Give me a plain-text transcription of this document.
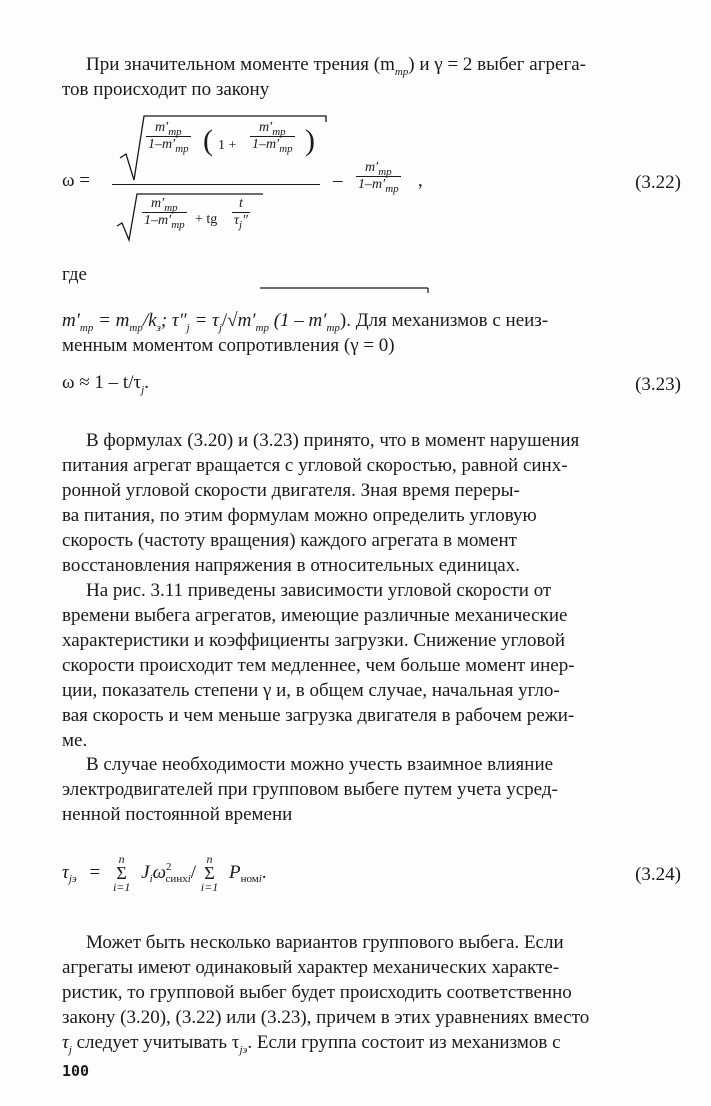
При значительном моменте трения $(m_{тр})$ и γ = 2 выбег агрега-
тов происходит по закону
ω =
$\frac{m'_{тр}}{1-m'_{тр}}$ ( $1 + \frac{m'_{тр}}{1-m'_{тр}}$ )
$\frac{m'_{тр}}{1-m'_{тр}}$ + tg $\frac{t}{\tau_j''}$
– $\frac{m'_{тр}}{1-m'_{тр}}$ ,	(3.22)
где
$m'_{тр} = m_{тр}/k_з$; $\tau''_j = \tau_j/√m'_{тр}$ $(1 - m'_{тр})$. Для механизмов с неиз-
менным моментом сопротивления (γ = 0)
$\omega \approx 1 - t/\tau_j$.	(3.23)
В формулах (3.20) и (3.23) принято, что в момент нарушения
питания агрегат вращается с угловой скоростью, равной синх-
ронной угловой скорости двигателя. Зная время переры-
ва питания, по этим формулам можно определить угловую
скорость (частоту вращения) каждого агрегата в момент
восстановления напряжения в относительных единицах.
На рис. 3.11 приведены зависимости угловой скорости от
времени выбега агрегатов, имеющие различные механические
характеристики и коэффициенты загрузки. Снижение угловой
скорости происходит тем медленнее, чем больше момент инер-
ции, показатель степени γ и, в общем случае, начальная угло-
вая скорость и чем меньше загрузка двигателя в рабочем режи-
ме.
В случае необходимости можно учесть взаимное влияние
электродвигателей при групповом выбеге путем учета усред-
ненной постоянной времени
$\tau_{jэ}$ =
n
Σ
i=1
$J_i\omega^2_{синхi}/$
n
Σ
i=1
$P_{номi}$.	(3.24)
Может быть несколько вариантов группового выбега. Если
агрегаты имеют одинаковый характер механических характе-
ристик, то групповой выбег будет происходить соответственно
закону (3.20), (3.22) или (3.23), причем в этих уравнениях вместо
$\tau_j$ следует учитывать $\tau_{jэ}$. Если группа состоит из механизмов с
100
